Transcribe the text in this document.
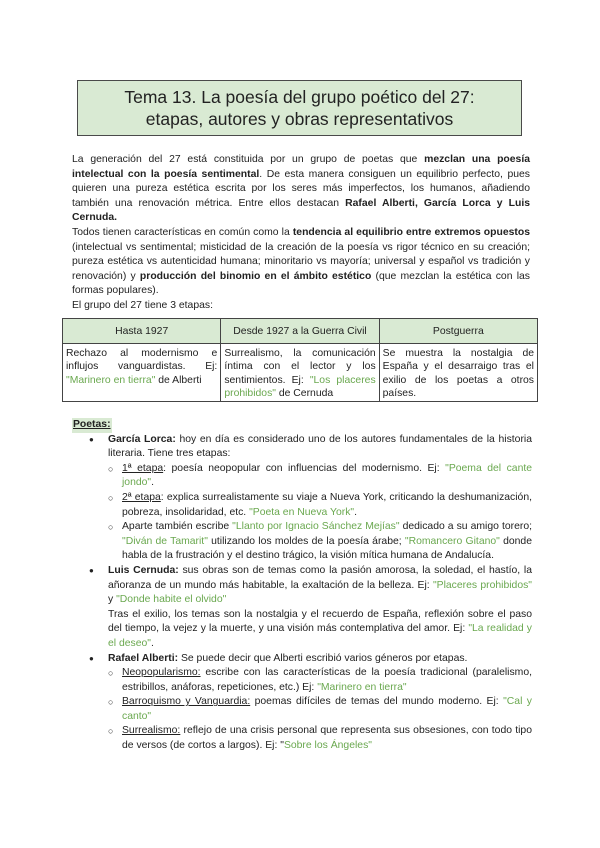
Tema 13. La poesía del grupo poético del 27:
etapas, autores y obras representativos
La generación del 27 está constituida por un grupo de poetas que mezclan una poesía intelectual con la poesía sentimental. De esta manera consiguen un equilibrio perfecto, pues quieren una pureza estética escrita por los seres más imperfectos, los humanos, añadiendo también una renovación métrica. Entre ellos destacan Rafael Alberti, García Lorca y Luis Cernuda.
Todos tienen características en común como la tendencia al equilibrio entre extremos opuestos (intelectual vs sentimental; misticidad de la creación de la poesía vs rigor técnico en su creación; pureza estética vs autenticidad humana; minoritario vs mayoría; universal y español vs tradición y renovación) y producción del binomio en el ámbito estético (que mezclan la estética con las formas populares).
El grupo del 27 tiene 3 etapas:
Hasta 1927	Desde 1927 a la Guerra Civil	Postguerra
Rechazo al modernismo e influjos vanguardistas. Ej: "Marinero en tierra" de Alberti	Surrealismo, la comunicación íntima con el lector y los sentimientos. Ej: "Los placeres prohibidos" de Cernuda	Se muestra la nostalgia de España y el desarraigo tras el exilio de los poetas a otros países.
Poetas:
● García Lorca: hoy en día es considerado uno de los autores fundamentales de la historia literaria. Tiene tres etapas:
○ 1ª etapa: poesía neopopular con influencias del modernismo. Ej: "Poema del cante jondo".
○ 2ª etapa: explica surrealistamente su viaje a Nueva York, criticando la deshumanización, pobreza, insolidaridad, etc. "Poeta en Nueva York".
○ Aparte también escribe "Llanto por Ignacio Sánchez Mejías" dedicado a su amigo torero; "Diván de Tamarit" utilizando los moldes de la poesía árabe; "Romancero Gitano" donde habla de la frustración y el destino trágico, la visión mítica humana de Andalucía.
● Luis Cernuda: sus obras son de temas como la pasión amorosa, la soledad, el hastío, la añoranza de un mundo más habitable, la exaltación de la belleza. Ej: "Placeres prohibidos" y "Donde habite el olvido"
Tras el exilio, los temas son la nostalgia y el recuerdo de España, reflexión sobre el paso del tiempo, la vejez y la muerte, y una visión más contemplativa del amor. Ej: "La realidad y el deseo".
● Rafael Alberti: Se puede decir que Alberti escribió varios géneros por etapas.
○ Neopopularismo: escribe con las características de la poesía tradicional (paralelismo, estribillos, anáforas, repeticiones, etc.) Ej: "Marinero en tierra"
○ Barroquismo y Vanguardia: poemas difíciles de temas del mundo moderno. Ej: "Cal y canto"
○ Surrealismo: reflejo de una crisis personal que representa sus obsesiones, con todo tipo de versos (de cortos a largos). Ej: "Sobre los Ángeles"
